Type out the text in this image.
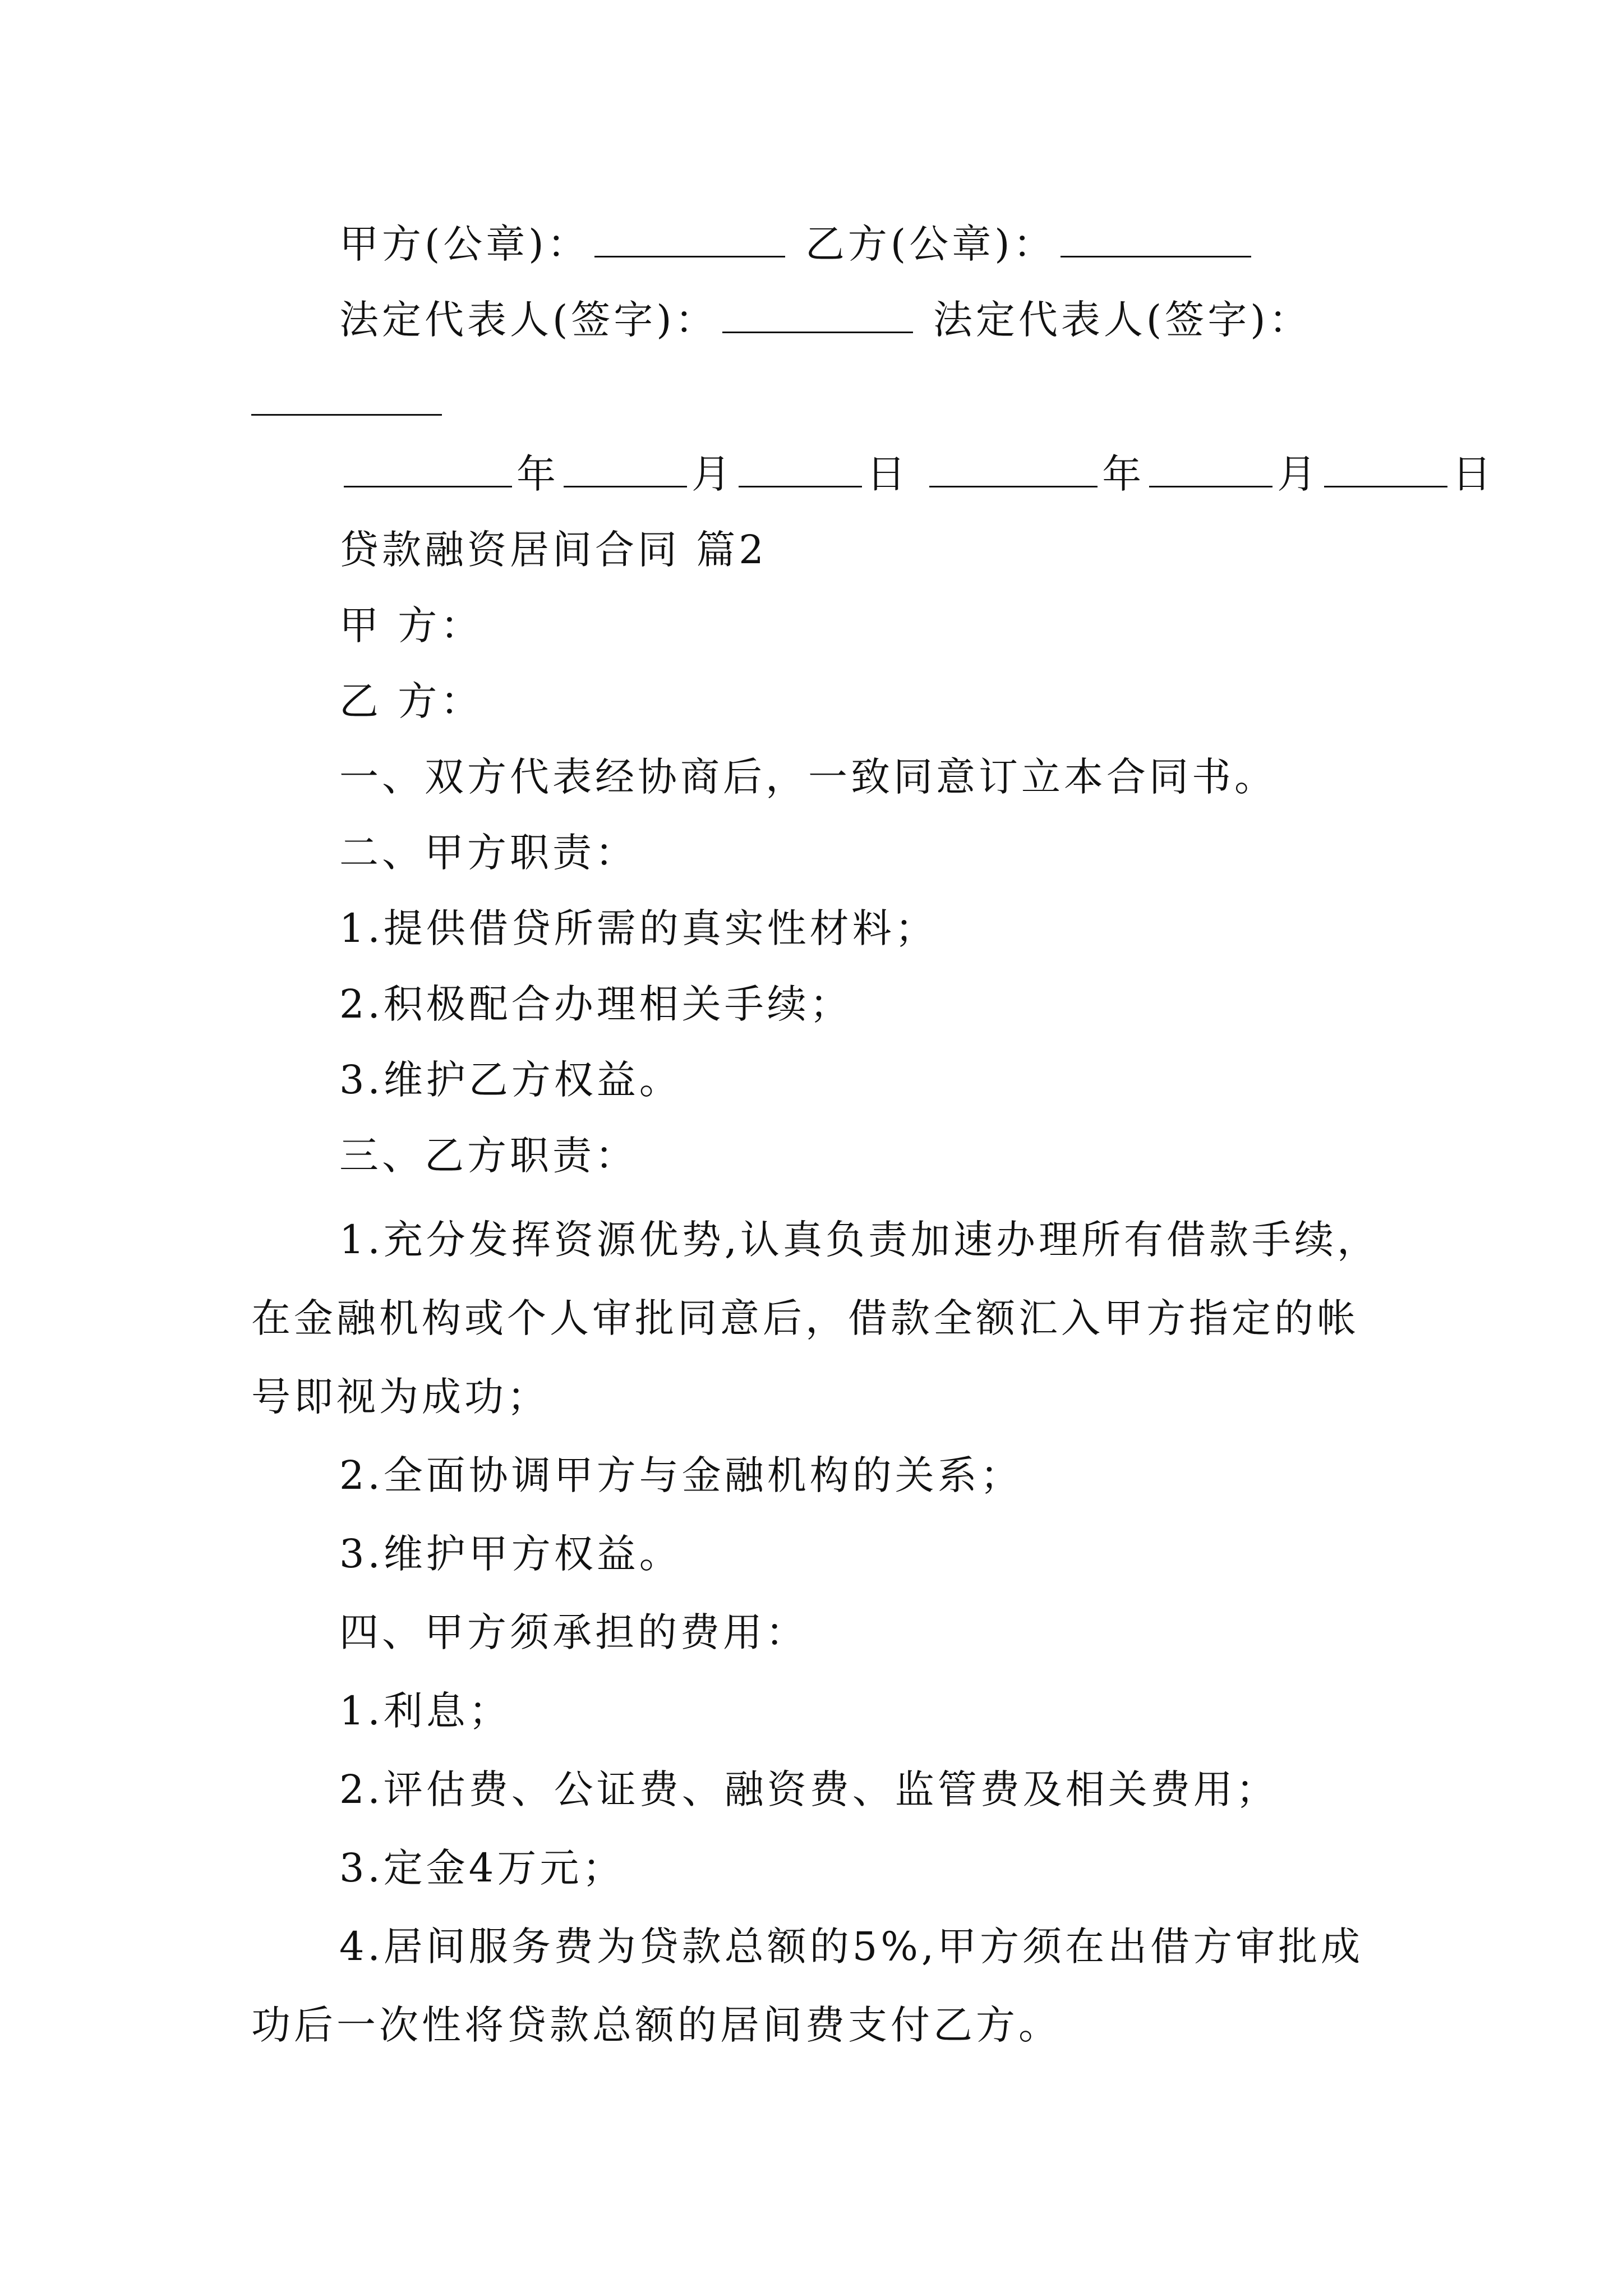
甲方(公章)：	乙方(公章)：
法定代表人(签字)：	法定代表人(签字)：
年	月	日	年	月	日
贷款融资居间合同 篇2
甲 方：
乙 方：
一、双方代表经协商后，一致同意订立本合同书。
二、甲方职责：
1.提供借贷所需的真实性材料；
2.积极配合办理相关手续；
3.维护乙方权益。
三、乙方职责：
1.充分发挥资源优势,认真负责加速办理所有借款手续，
在金融机构或个人审批同意后，借款全额汇入甲方指定的帐
号即视为成功；
2.全面协调甲方与金融机构的关系；
3.维护甲方权益。
四、甲方须承担的费用：
1.利息；
2.评估费、公证费、融资费、监管费及相关费用；
3.定金4万元；
4.居间服务费为贷款总额的5%,甲方须在出借方审批成
功后一次性将贷款总额的居间费支付乙方。
